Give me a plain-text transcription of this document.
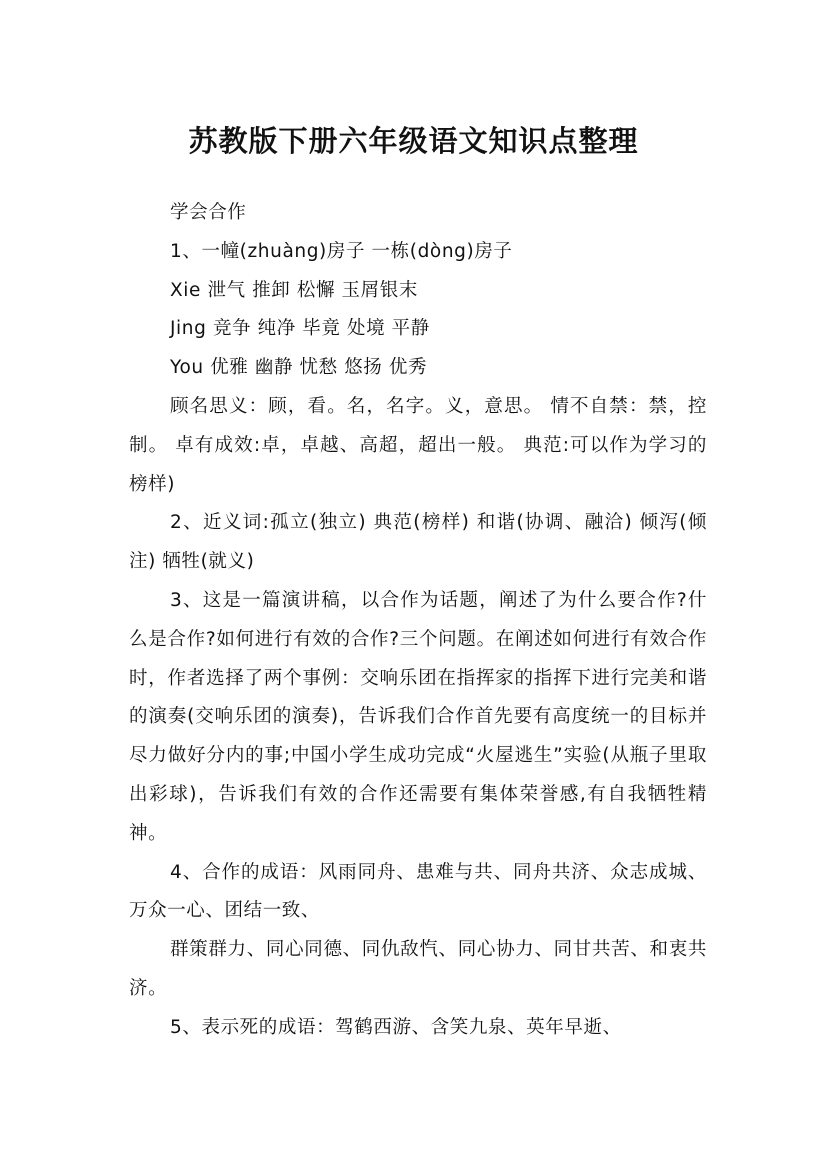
苏教版下册六年级语文知识点整理

学会合作

1、一幢(zhuàng)房子 一栋(dòng)房子

Xie 泄气 推卸 松懈 玉屑银末

Jing 竞争 纯净 毕竟 处境 平静

You 优雅 幽静 忧愁 悠扬 优秀

顾名思义：顾，看。名，名字。义，意思。 情不自禁：禁，控制。 卓有成效:卓，卓越、高超，超出一般。 典范:可以作为学习的榜样)

2、近义词:孤立(独立) 典范(榜样) 和谐(协调、融洽) 倾泻(倾注) 牺牲(就义)

3、这是一篇演讲稿，以合作为话题，阐述了为什么要合作?什么是合作?如何进行有效的合作?三个问题。在阐述如何进行有效合作时，作者选择了两个事例：交响乐团在指挥家的指挥下进行完美和谐的演奏(交响乐团的演奏)，告诉我们合作首先要有高度统一的目标并尽力做好分内的事;中国小学生成功完成“火屋逃生”实验(从瓶子里取出彩球)，告诉我们有效的合作还需要有集体荣誉感,有自我牺牲精神。

4、合作的成语：风雨同舟、患难与共、同舟共济、众志成城、万众一心、团结一致、

群策群力、同心同德、同仇敌忾、同心协力、同甘共苦、和衷共济。

5、表示死的成语：驾鹤西游、含笑九泉、英年早逝、
